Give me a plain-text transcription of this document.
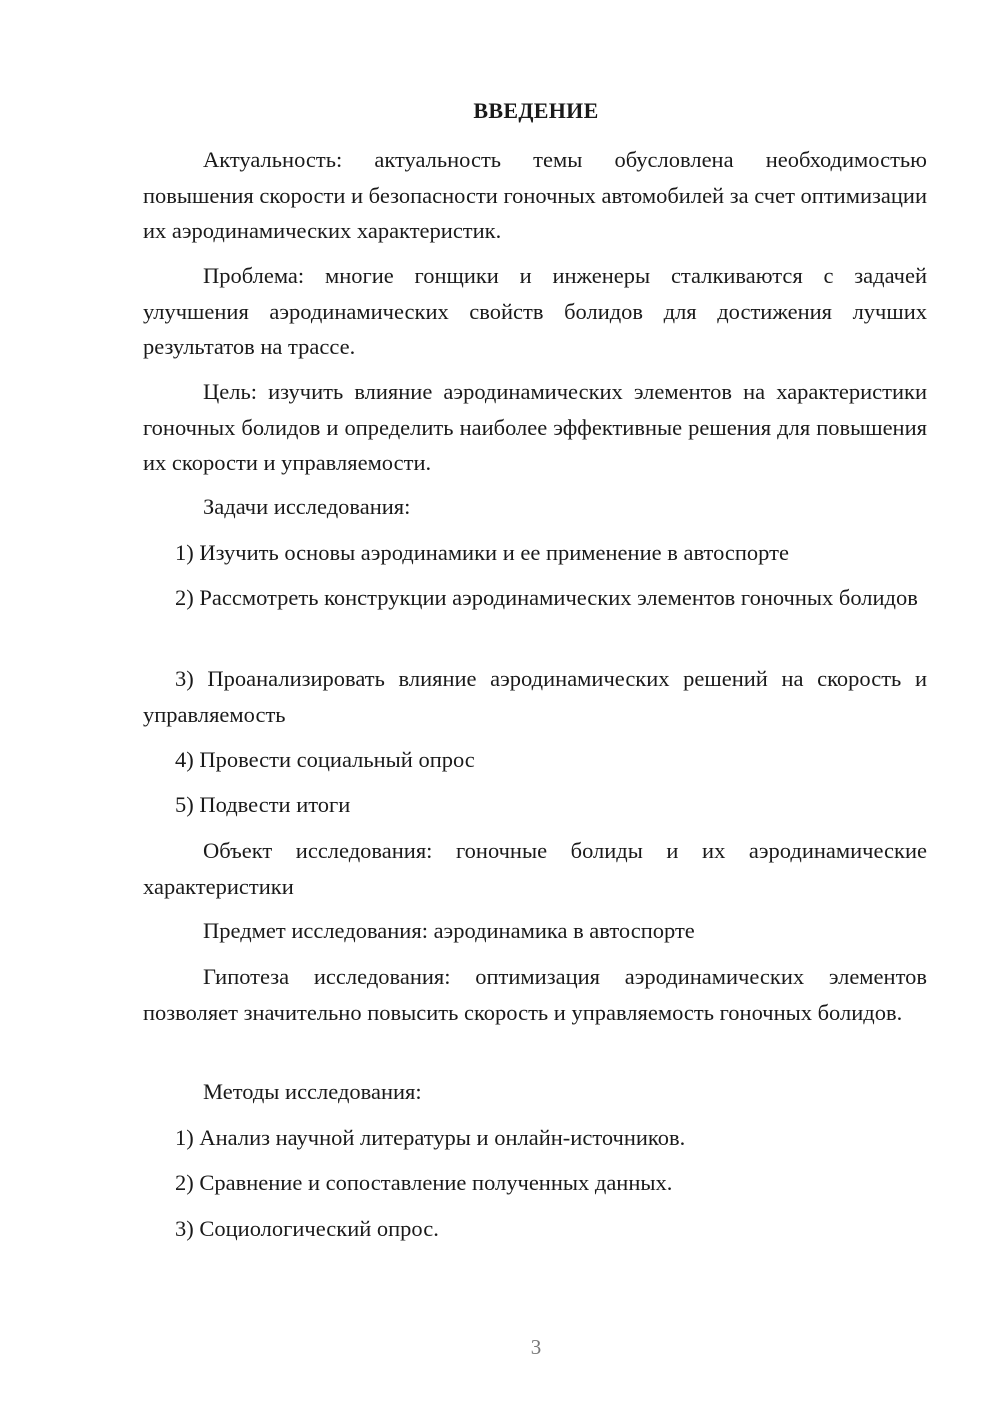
ВВЕДЕНИЕ

Актуальность: актуальность темы обусловлена необходимостью повышения скорости и безопасности гоночных автомобилей за счет оптимизации их аэродинамических характеристик.

Проблема: многие гонщики и инженеры сталкиваются с задачей улучшения аэродинамических свойств болидов для достижения лучших результатов на трассе.

Цель: изучить влияние аэродинамических элементов на характеристики гоночных болидов и определить наиболее эффективные решения для повышения их скорости и управляемости.

Задачи исследования:

1) Изучить основы аэродинамики и ее применение в автоспорте

2) Рассмотреть конструкции аэродинамических элементов гоночных болидов

3) Проанализировать влияние аэродинамических решений на скорость и управляемость

4) Провести социальный опрос

5) Подвести итоги

Объект исследования: гоночные болиды и их аэродинамические характеристики

Предмет исследования: аэродинамика в автоспорте

Гипотеза исследования: оптимизация аэродинамических элементов позволяет значительно повысить скорость и управляемость гоночных болидов.

Методы исследования:

1) Анализ научной литературы и онлайн-источников.

2) Сравнение и сопоставление полученных данных.

3) Социологический опрос.

3
